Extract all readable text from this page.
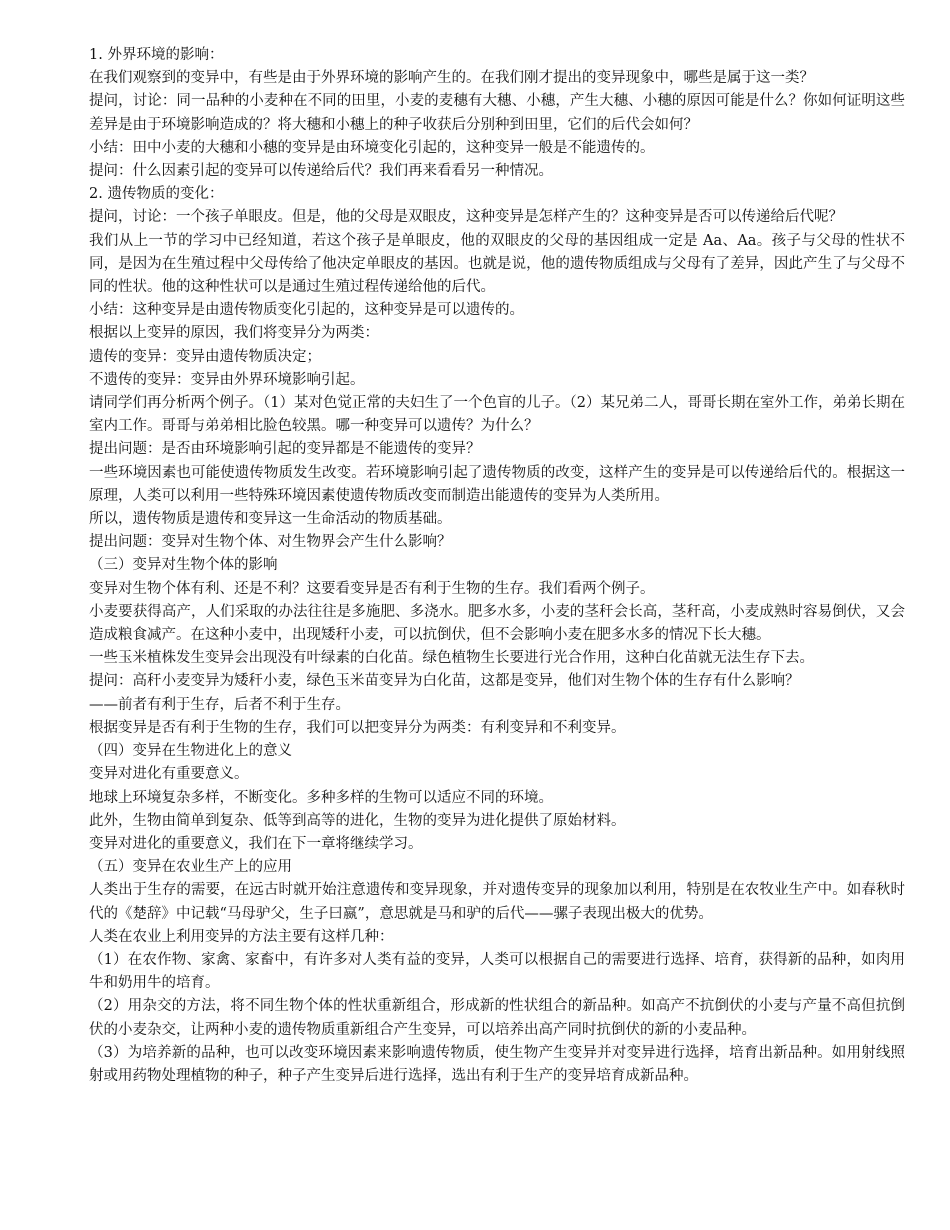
1. 外界环境的影响：

在我们观察到的变异中，有些是由于外界环境的影响产生的。在我们刚才提出的变异现象中，哪些是属于这一类？

提问，讨论：同一品种的小麦种在不同的田里，小麦的麦穗有大穗、小穗，产生大穗、小穗的原因可能是什么？你如何证明这些差异是由于环境影响造成的？将大穗和小穗上的种子收获后分别种到田里，它们的后代会如何？

小结：田中小麦的大穗和小穗的变异是由环境变化引起的，这种变异一般是不能遗传的。

提问：什么因素引起的变异可以传递给后代？我们再来看看另一种情况。

2. 遗传物质的变化：

提问，讨论：一个孩子单眼皮。但是，他的父母是双眼皮，这种变异是怎样产生的？这种变异是否可以传递给后代呢？

我们从上一节的学习中已经知道，若这个孩子是单眼皮，他的双眼皮的父母的基因组成一定是 Aa、Aa。孩子与父母的性状不同，是因为在生殖过程中父母传给了他决定单眼皮的基因。也就是说，他的遗传物质组成与父母有了差异，因此产生了与父母不同的性状。他的这种性状可以是通过生殖过程传递给他的后代。

小结：这种变异是由遗传物质变化引起的，这种变异是可以遗传的。

根据以上变异的原因，我们将变异分为两类：

遗传的变异：变异由遗传物质决定；

不遗传的变异：变异由外界环境影响引起。

请同学们再分析两个例子。（1）某对色觉正常的夫妇生了一个色盲的儿子。（2）某兄弟二人，哥哥长期在室外工作，弟弟长期在室内工作。哥哥与弟弟相比脸色较黑。哪一种变异可以遗传？为什么？

提出问题：是否由环境影响引起的变异都是不能遗传的变异？

一些环境因素也可能使遗传物质发生改变。若环境影响引起了遗传物质的改变，这样产生的变异是可以传递给后代的。根据这一原理，人类可以利用一些特殊环境因素使遗传物质改变而制造出能遗传的变异为人类所用。

所以，遗传物质是遗传和变异这一生命活动的物质基础。

提出问题：变异对生物个体、对生物界会产生什么影响？

（三）变异对生物个体的影响

变异对生物个体有利、还是不利？这要看变异是否有利于生物的生存。我们看两个例子。

小麦要获得高产，人们采取的办法往往是多施肥、多浇水。肥多水多，小麦的茎秆会长高，茎秆高，小麦成熟时容易倒伏，又会造成粮食减产。在这种小麦中，出现矮秆小麦，可以抗倒伏，但不会影响小麦在肥多水多的情况下长大穗。

一些玉米植株发生变异会出现没有叶绿素的白化苗。绿色植物生长要进行光合作用，这种白化苗就无法生存下去。

提问：高秆小麦变异为矮秆小麦，绿色玉米苗变异为白化苗，这都是变异，他们对生物个体的生存有什么影响？

——前者有利于生存，后者不利于生存。

根据变异是否有利于生物的生存，我们可以把变异分为两类：有利变异和不利变异。

（四）变异在生物进化上的意义

变异对进化有重要意义。

地球上环境复杂多样，不断变化。多种多样的生物可以适应不同的环境。

此外，生物由简单到复杂、低等到高等的进化，生物的变异为进化提供了原始材料。

变异对进化的重要意义，我们在下一章将继续学习。

（五）变异在农业生产上的应用

人类出于生存的需要，在远古时就开始注意遗传和变异现象，并对遗传变异的现象加以利用，特别是在农牧业生产中。如春秋时代的《楚辞》中记载“马母驴父，生子曰嬴”，意思就是马和驴的后代——骡子表现出极大的优势。

人类在农业上利用变异的方法主要有这样几种：

（1）在农作物、家禽、家畜中，有许多对人类有益的变异，人类可以根据自己的需要进行选择、培育，获得新的品种，如肉用牛和奶用牛的培育。

（2）用杂交的方法，将不同生物个体的性状重新组合，形成新的性状组合的新品种。如高产不抗倒伏的小麦与产量不高但抗倒伏的小麦杂交，让两种小麦的遗传物质重新组合产生变异，可以培养出高产同时抗倒伏的新的小麦品种。

（3）为培养新的品种，也可以改变环境因素来影响遗传物质，使生物产生变异并对变异进行选择，培育出新品种。如用射线照射或用药物处理植物的种子，种子产生变异后进行选择，选出有利于生产的变异培育成新品种。
